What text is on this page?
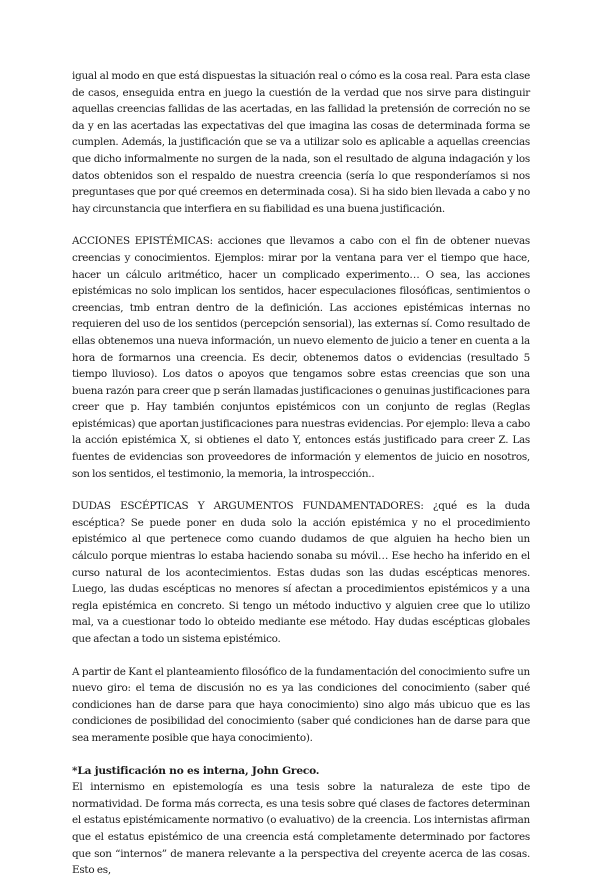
igual al modo en que está dispuestas la situación real o cómo es la cosa real. Para esta clase de casos, enseguida entra en juego la cuestión de la verdad que nos sirve para distinguir aquellas creencias fallidas de las acertadas, en las fallidad la pretensión de correción no se da y en las acertadas las expectativas del que imagina las cosas de determinada forma se cumplen. Además, la justificación que se va a utilizar solo es aplicable a aquellas creencias que dicho informalmente no surgen de la nada, son el resultado de alguna indagación y los datos obtenidos son el respaldo de nuestra creencia (sería lo que responderíamos si nos preguntases que por qué creemos en determinada cosa). Si ha sido bien llevada a cabo y no hay circunstancia que interfiera en su fiabilidad es una buena justificación.

ACCIONES EPISTÉMICAS: acciones que llevamos a cabo con el fin de obtener nuevas creencias y conocimientos. Ejemplos: mirar por la ventana para ver el tiempo que hace, hacer un cálculo aritmético, hacer un complicado experimento… O sea, las acciones epistémicas no solo implican los sentidos, hacer especulaciones filosóficas, sentimientos o creencias, tmb entran dentro de la definición. Las acciones epistémicas internas no requieren del uso de los sentidos (percepción sensorial), las externas sí. Como resultado de ellas obtenemos una nueva información, un nuevo elemento de juicio a tener en cuenta a la hora de formarnos una creencia. Es decir, obtenemos datos o evidencias (resultado 5 tiempo lluvioso). Los datos o apoyos que tengamos sobre estas creencias que son una buena razón para creer que p serán llamadas justificaciones o genuinas justificaciones para creer que p. Hay también conjuntos epistémicos con un conjunto de reglas (Reglas epistémicas) que aportan justificaciones para nuestras evidencias. Por ejemplo: lleva a cabo la acción epistémica X, si obtienes el dato Y, entonces estás justificado para creer Z. Las fuentes de evidencias son proveedores de información y elementos de juicio en nosotros, son los sentidos, el testimonio, la memoria, la introspección..

DUDAS ESCÉPTICAS Y ARGUMENTOS FUNDAMENTADORES: ¿qué es la duda escéptica? Se puede poner en duda solo la acción epistémica y no el procedimiento epistémico al que pertenece como cuando dudamos de que alguien ha hecho bien un cálculo porque mientras lo estaba haciendo sonaba su móvil… Ese hecho ha inferido en el curso natural de los acontecimientos. Estas dudas son las dudas escépticas menores. Luego, las dudas escépticas no menores sí afectan a procedimientos epistémicos y a una regla epistémica en concreto. Si tengo un método inductivo y alguien cree que lo utilizo mal, va a cuestionar todo lo obteido mediante ese método. Hay dudas escépticas globales que afectan a todo un sistema epistémico.

A partir de Kant el planteamiento filosófico de la fundamentación del conocimiento sufre un nuevo giro: el tema de discusión no es ya las condiciones del conocimiento (saber qué condiciones han de darse para que haya conocimiento) sino algo más ubicuo que es las condiciones de posibilidad del conocimiento (saber qué condiciones han de darse para que sea meramente posible que haya conocimiento).

*La justificación no es interna, John Greco.

El internismo en epistemología es una tesis sobre la naturaleza de este tipo de normatividad. De forma más correcta, es una tesis sobre qué clases de factores determinan el estatus epistémicamente normativo (o evaluativo) de la creencia. Los internistas afirman que el estatus epistémico de una creencia está completamente determinado por factores que son “internos” de manera relevante a la perspectiva del creyente acerca de las cosas. Esto es,
